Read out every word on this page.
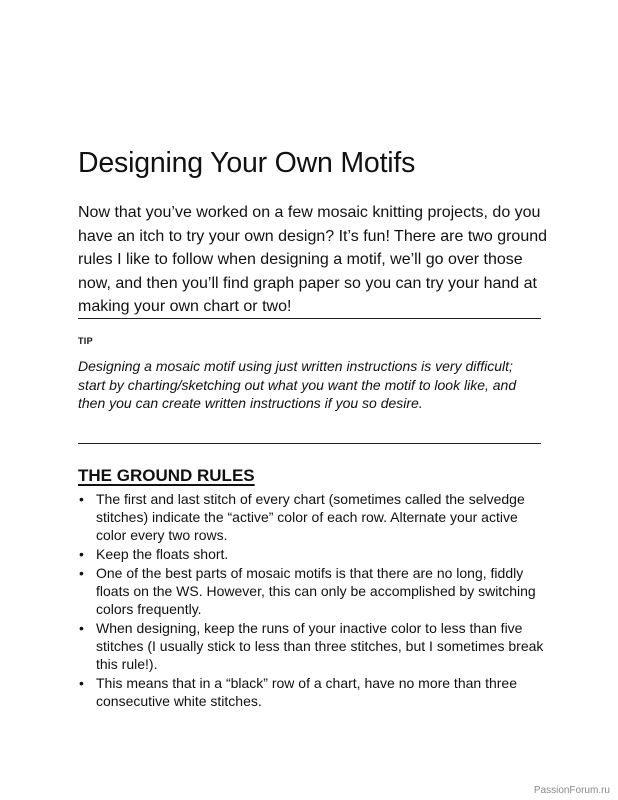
Designing Your Own Motifs

Now that you’ve worked on a few mosaic knitting projects, do you have an itch to try your own design? It’s fun! There are two ground rules I like to follow when designing a motif, we’ll go over those now, and then you’ll find graph paper so you can try your hand at making your own chart or two!

TIP

Designing a mosaic motif using just written instructions is very difficult; start by charting/sketching out what you want the motif to look like, and then you can create written instructions if you so desire.

THE GROUND RULES
• The first and last stitch of every chart (sometimes called the selvedge stitches) indicate the “active” color of each row. Alternate your active color every two rows.
• Keep the floats short.
• One of the best parts of mosaic motifs is that there are no long, fiddly floats on the WS. However, this can only be accomplished by switching colors frequently.
• When designing, keep the runs of your inactive color to less than five stitches (I usually stick to less than three stitches, but I sometimes break this rule!).
• This means that in a “black” row of a chart, have no more than three consecutive white stitches.
PassionForum.ru
